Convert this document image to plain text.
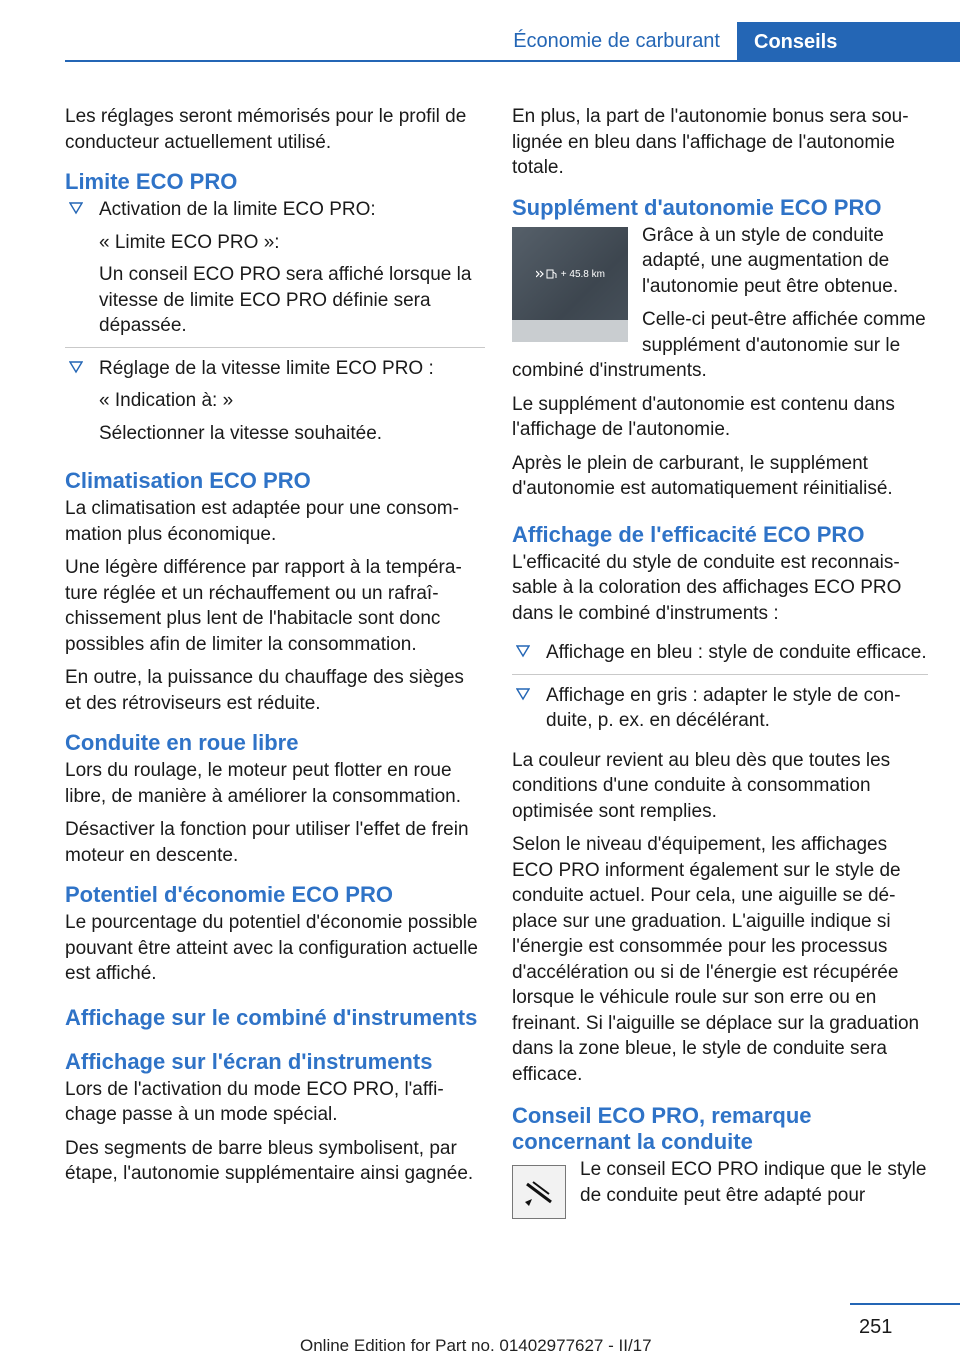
Économie de carburant	Conseils

Les réglages seront mémorisés pour le profil de conducteur actuellement utilisé.

Limite ECO PRO

Activation de la limite ECO PRO:

« Limite ECO PRO »:

Un conseil ECO PRO sera affiché lorsque la vitesse de limite ECO PRO définie sera dépassée.

Réglage de la vitesse limite ECO PRO :

« Indication à: »

Sélectionner la vitesse souhaitée.

Climatisation ECO PRO

La climatisation est adaptée pour une consommation plus économique.

Une légère différence par rapport à la température réglée et un réchauffement ou un rafraîchissement plus lent de l'habitacle sont donc possibles afin de limiter la consommation.

En outre, la puissance du chauffage des sièges et des rétroviseurs est réduite.

Conduite en roue libre

Lors du roulage, le moteur peut flotter en roue libre, de manière à améliorer la consommation.

Désactiver la fonction pour utiliser l'effet de frein moteur en descente.

Potentiel d'économie ECO PRO

Le pourcentage du potentiel d'économie possible pouvant être atteint avec la configuration actuelle est affiché.

Affichage sur le combiné d'instruments
Affichage sur l'écran d'instruments

Lors de l'activation du mode ECO PRO, l'affichage passe à un mode spécial.

Des segments de barre bleus symbolisent, par étape, l'autonomie supplémentaire ainsi gagnée.

En plus, la part de l'autonomie bonus sera soulignée en bleu dans l'affichage de l'autonomie totale.

Supplément d'autonomie ECO PRO
+ 45.8 km

Grâce à un style de conduite adapté, une augmentation de l'autonomie peut être obtenue.

Celle-ci peut-être affichée comme supplément d'autonomie sur le combiné d'instruments.

Le supplément d'autonomie est contenu dans l'affichage de l'autonomie.

Après le plein de carburant, le supplément d'autonomie est automatiquement réinitialisé.

Affichage de l'efficacité ECO PRO

L'efficacité du style de conduite est reconnaissable à la coloration des affichages ECO PRO dans le combiné d'instruments :

Affichage en bleu : style de conduite efficace.

Affichage en gris : adapter le style de conduite, p. ex. en décélérant.

La couleur revient au bleu dès que toutes les conditions d'une conduite à consommation optimisée sont remplies.

Selon le niveau d'équipement, les affichages ECO PRO informent également sur le style de conduite actuel. Pour cela, une aiguille se déplace sur une graduation. L'aiguille indique si l'énergie est consommée pour les processus d'accélération ou si de l'énergie est récupérée lorsque le véhicule roule sur son erre ou en freinant. Si l'aiguille se déplace sur la graduation dans la zone bleue, le style de conduite sera efficace.

Conseil ECO PRO, remarque concernant la conduite

Le conseil ECO PRO indique que le style de conduite peut être adapté pour

251
Online Edition for Part no. 01402977627 - II/17
